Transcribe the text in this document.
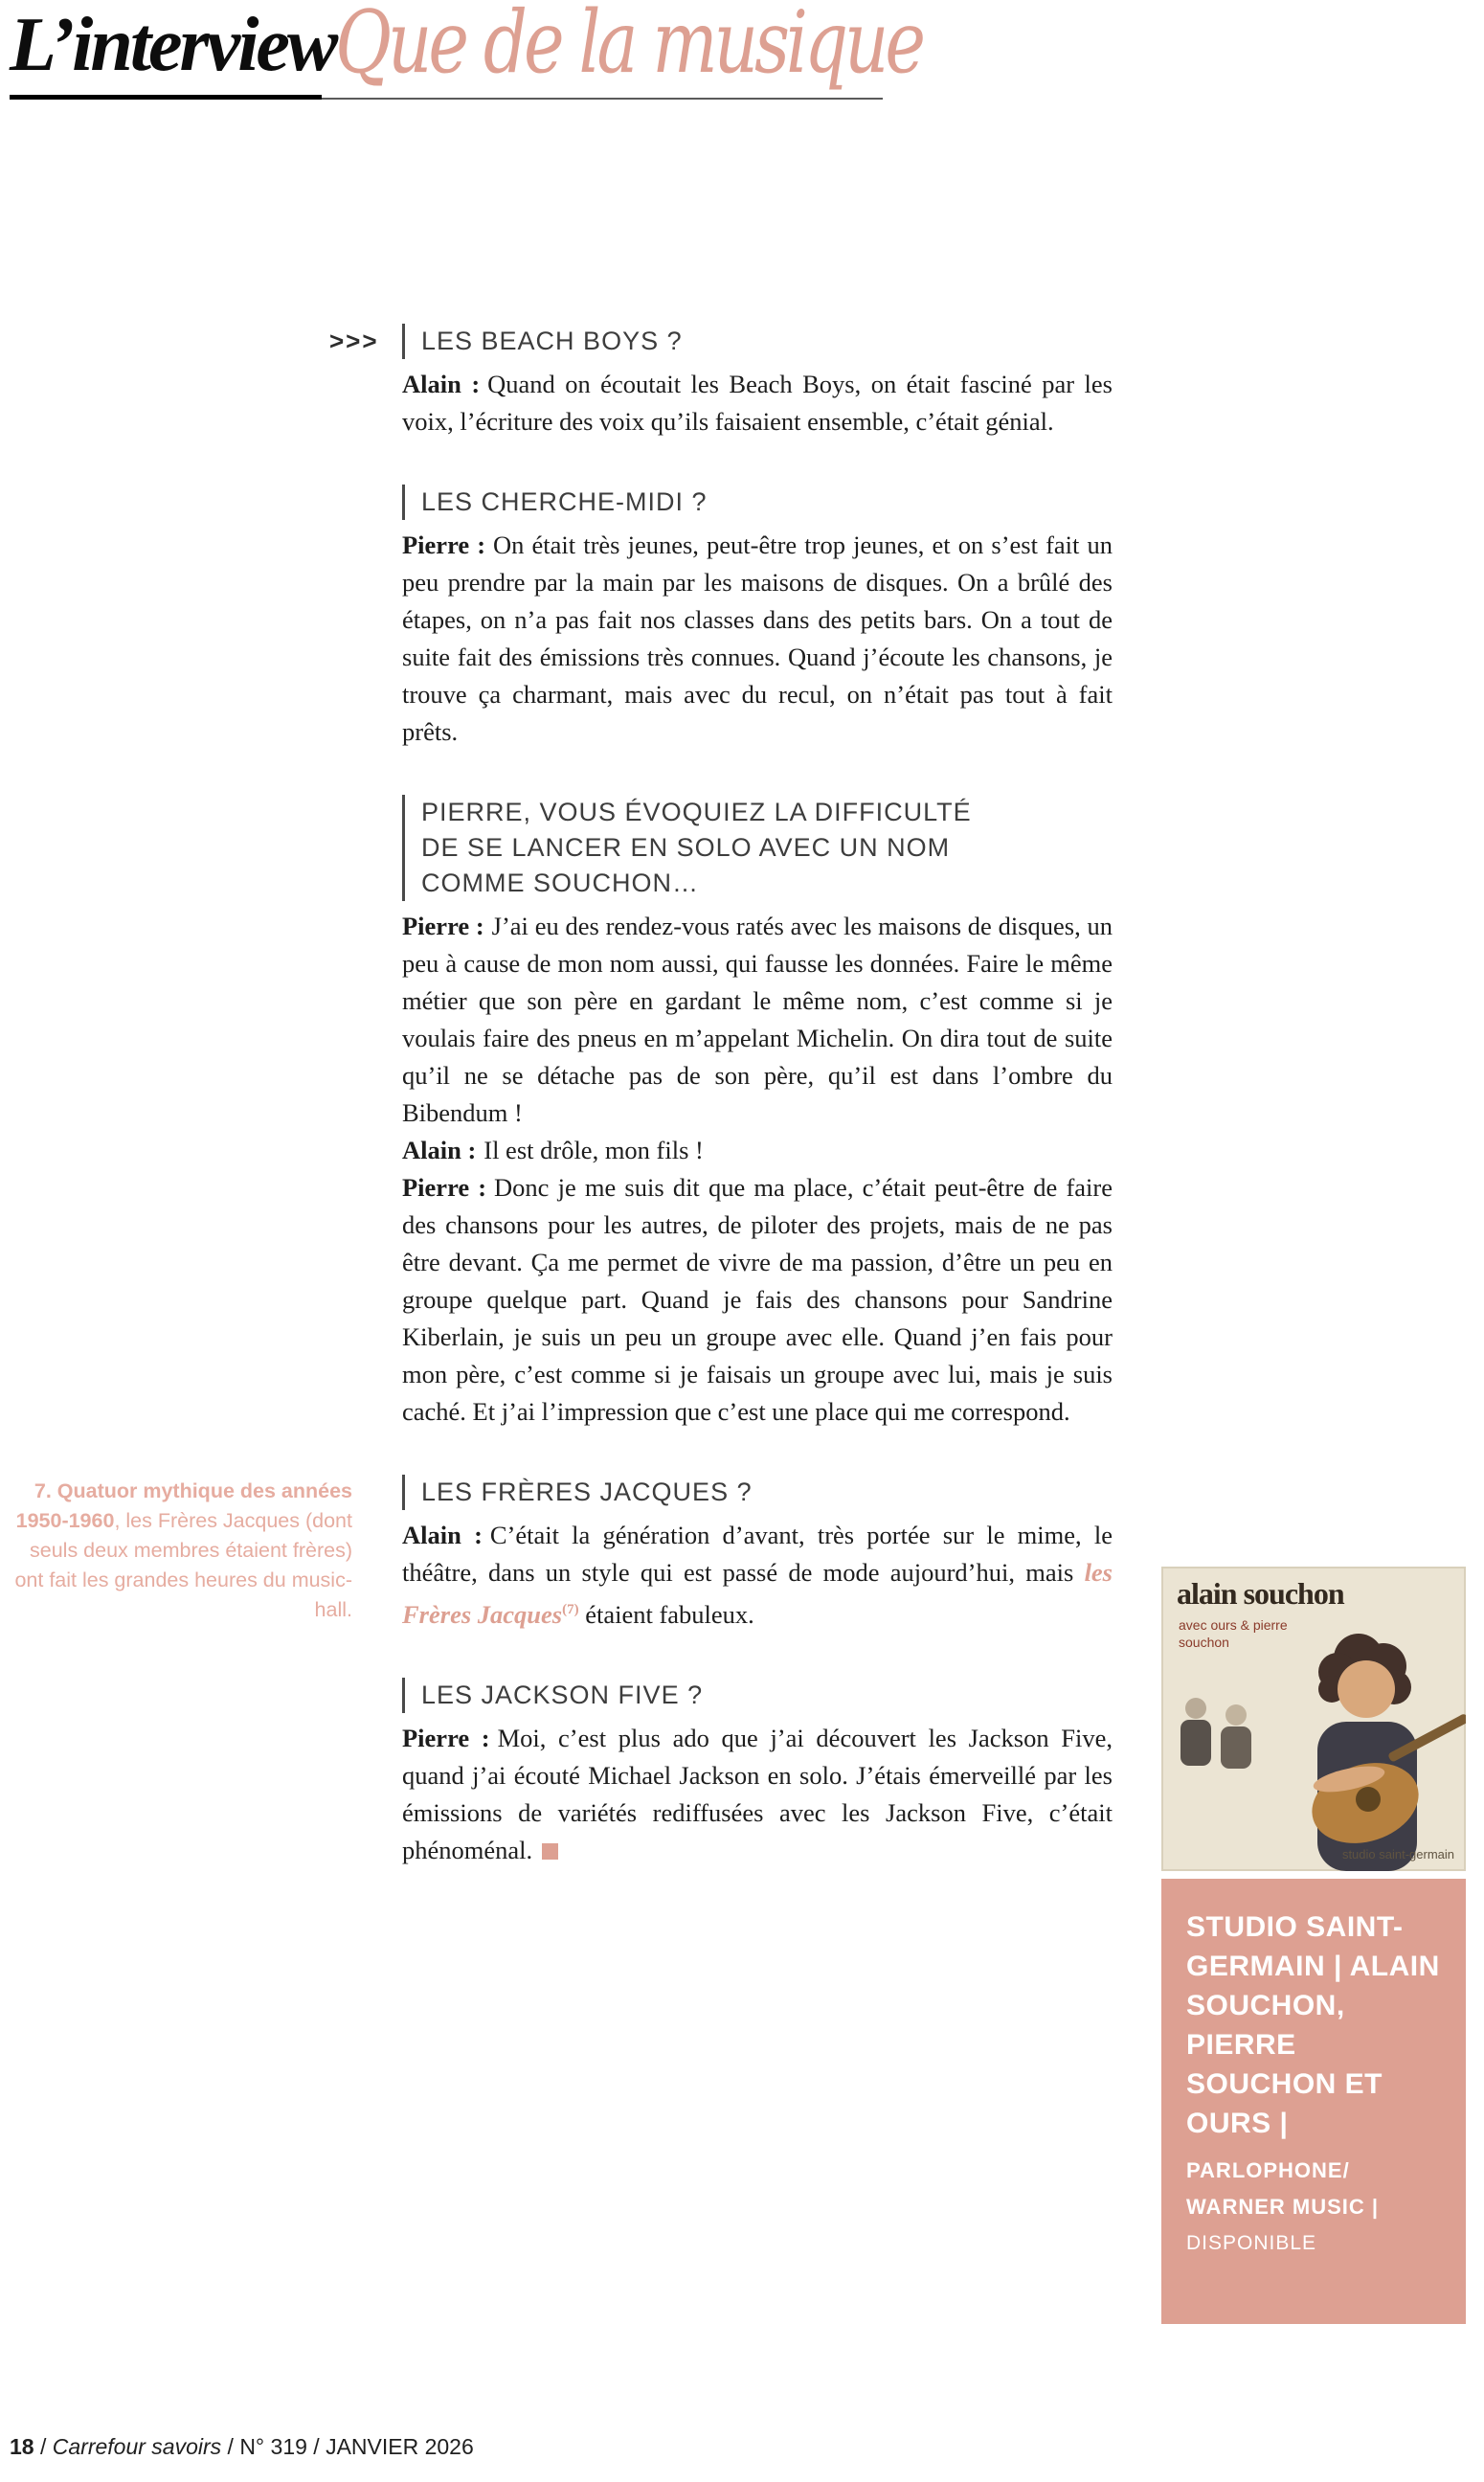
L’interview Que de la musique
>>>	LES BEACH BOYS ?

Alain : Quand on écoutait les Beach Boys, on était fasciné par les voix, l’écriture des voix qu’ils faisaient ensemble, c’était génial.

LES CHERCHE-MIDI ?

Pierre : On était très jeunes, peut-être trop jeunes, et on s’est fait un peu prendre par la main par les maisons de disques. On a brûlé des étapes, on n’a pas fait nos classes dans des petits bars. On a tout de suite fait des émissions très connues. Quand j’écoute les chansons, je trouve ça charmant, mais avec du recul, on n’était pas tout à fait prêts.

PIERRE, VOUS ÉVOQUIEZ LA DIFFICULTÉ DE SE LANCER EN SOLO AVEC UN NOM COMME SOUCHON…

Pierre : J’ai eu des rendez-vous ratés avec les maisons de disques, un peu à cause de mon nom aussi, qui fausse les données. Faire le même métier que son père en gardant le même nom, c’est comme si je voulais faire des pneus en m’appelant Michelin. On dira tout de suite qu’il ne se détache pas de son père, qu’il est dans l’ombre du Bibendum !

Alain : Il est drôle, mon fils !

Pierre : Donc je me suis dit que ma place, c’était peut-être de faire des chansons pour les autres, de piloter des projets, mais de ne pas être devant. Ça me permet de vivre de ma passion, d’être un peu en groupe quelque part. Quand je fais des chansons pour Sandrine Kiberlain, je suis un peu un groupe avec elle. Quand j’en fais pour mon père, c’est comme si je faisais un groupe avec lui, mais je suis caché. Et j’ai l’impression que c’est une place qui me correspond.

7. Quatuor mythique des années 1950-1960, les Frères Jacques (dont seuls deux membres étaient frères) ont fait les grandes heures du music-hall.
LES FRÈRES JACQUES ?

Alain : C’était la génération d’avant, très portée sur le mime, le théâtre, dans un style qui est passé de mode aujourd’hui, mais les Frères Jacques$^{(7)}$ étaient fabuleux.

LES JACKSON FIVE ?

Pierre : Moi, c’est plus ado que j’ai découvert les Jackson Five, quand j’ai écouté Michael Jackson en solo. J’étais émerveillé par les émissions de variétés rediffusées avec les Jackson Five, c’était phénoménal.

alain souchon
avec ours & pierre souchon
studio saint-germain

STUDIO SAINT-GERMAIN | ALAIN SOUCHON, PIERRE SOUCHON ET OURS |

PARLOPHONE/ WARNER MUSIC |

DISPONIBLE

18 / Carrefour savoirs / N° 319 / JANVIER 2026
